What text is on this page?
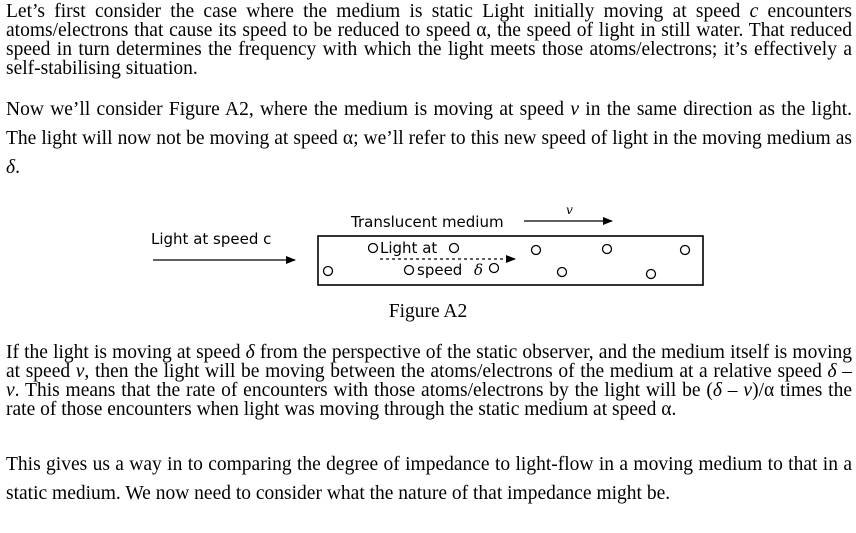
Let’s first consider the case where the medium is static Light initially moving at speed c encounters atoms/electrons that cause its speed to be reduced to speed α, the speed of light in still water. That reduced speed in turn determines the frequency with which the light meets those atoms/electrons; it’s effectively a self-stabilising situation.

Now we’ll consider Figure A2, where the medium is moving at speed v in the same direction as the light. The light will now not be moving at speed α; we’ll refer to this new speed of light in the moving medium as δ.

Translucent medium
v
Light at speed c	Light at
speed δ
Figure A2

If the light is moving at speed δ from the perspective of the static observer, and the medium itself is moving at speed v, then the light will be moving between the atoms/electrons of the medium at a relative speed δ – v. This means that the rate of encounters with those atoms/electrons by the light will be (δ – v)/α times the rate of those encounters when light was moving through the static medium at speed α.

This gives us a way in to comparing the degree of impedance to light-flow in a moving medium to that in a static medium. We now need to consider what the nature of that impedance might be.
